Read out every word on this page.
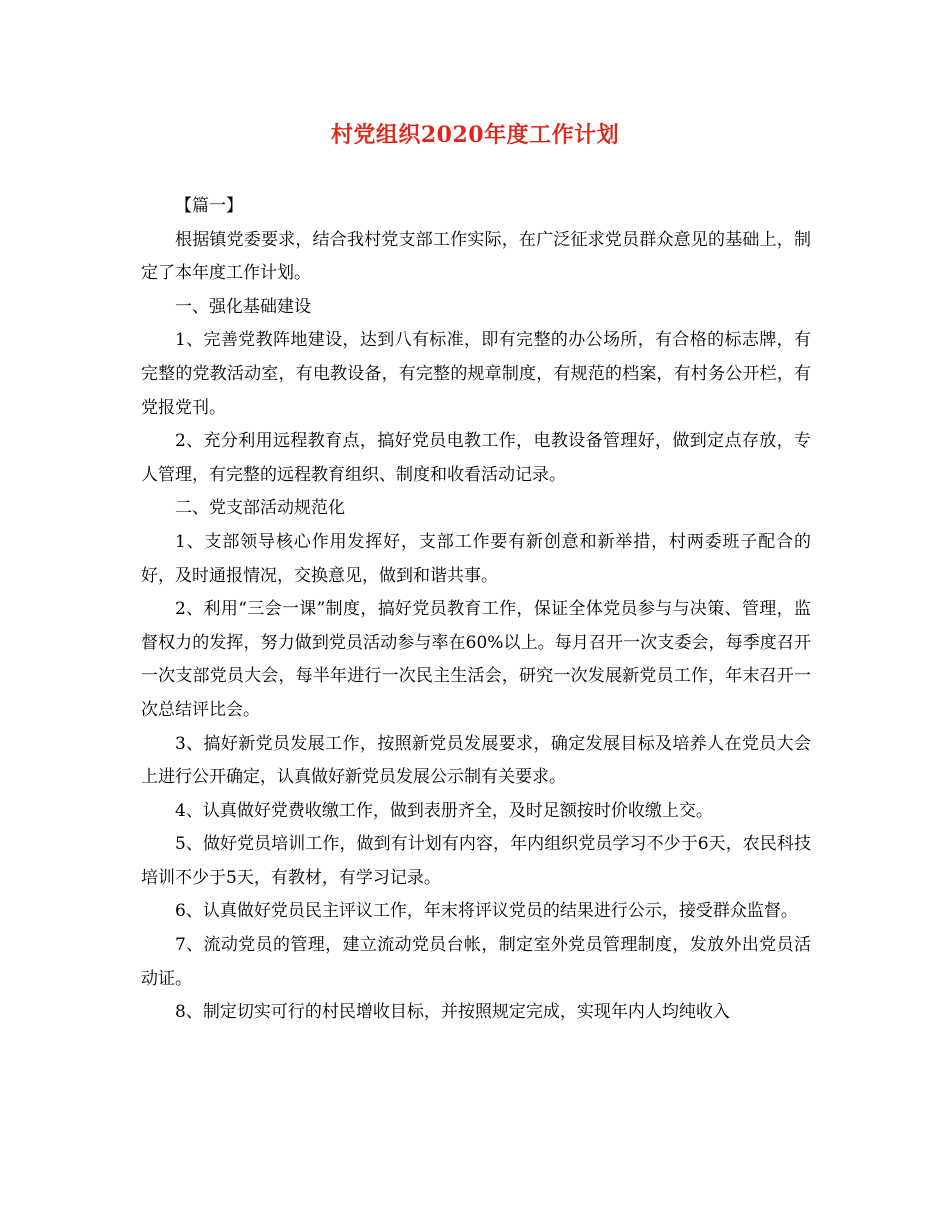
村党组织2020年度工作计划

【篇一】

根据镇党委要求，结合我村党支部工作实际，在广泛征求党员群众意见的基础上，制定了本年度工作计划。

一、强化基础建设

1、完善党教阵地建设，达到八有标准，即有完整的办公场所，有合格的标志牌，有完整的党教活动室，有电教设备，有完整的规章制度，有规范的档案，有村务公开栏，有党报党刊。

2、充分利用远程教育点，搞好党员电教工作，电教设备管理好，做到定点存放，专人管理，有完整的远程教育组织、制度和收看活动记录。

二、党支部活动规范化

1、支部领导核心作用发挥好，支部工作要有新创意和新举措，村两委班子配合的好，及时通报情况，交换意见，做到和谐共事。

2、利用“三会一课”制度，搞好党员教育工作，保证全体党员参与与决策、管理，监督权力的发挥，努力做到党员活动参与率在60%以上。每月召开一次支委会，每季度召开一次支部党员大会，每半年进行一次民主生活会，研究一次发展新党员工作，年末召开一次总结评比会。

3、搞好新党员发展工作，按照新党员发展要求，确定发展目标及培养人在党员大会上进行公开确定，认真做好新党员发展公示制有关要求。

4、认真做好党费收缴工作，做到表册齐全，及时足额按时价收缴上交。

5、做好党员培训工作，做到有计划有内容，年内组织党员学习不少于6天，农民科技培训不少于5天，有教材，有学习记录。

6、认真做好党员民主评议工作，年末将评议党员的结果进行公示，接受群众监督。

7、流动党员的管理，建立流动党员台帐，制定室外党员管理制度，发放外出党员活动证。

8、制定切实可行的村民增收目标，并按照规定完成，实现年内人均纯收入
